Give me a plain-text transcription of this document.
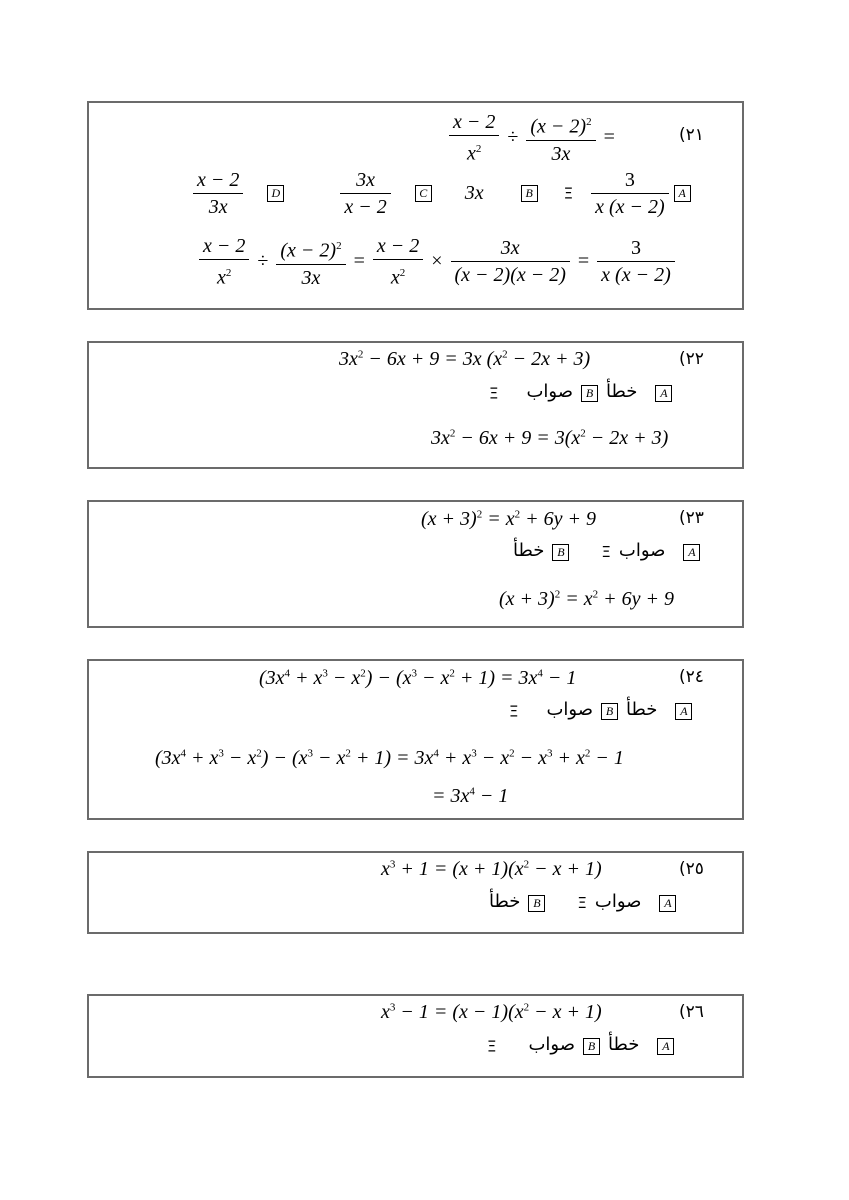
(٢١
$\frac{x - 2}{x^2} \div \frac{(x - 2)^2}{3x}$ =
$\frac{x - 2}{3x}$ D	$\frac{3x}{x - 2}$ C 3x	B Ξ $\frac{3}{x (x - 2)}$ A
$\frac{x - 2}{x^2} \div \frac{(x - 2)^2}{3x} = \frac{x - 2}{x^2} \times \frac{3x}{(x - 2)(x - 2)} = \frac{3}{x (x - 2)}$
(٢٢
$3x^2 - 6x + 9 = 3x$ $(x^2 - 2x + 3)$
Ξ	خطأ B صواب	A
$3x^2 - 6x + 9 = 3(x^2 - 2x + 3)$
(٢٣
$(x + 3)^2 = x^2 + 6y + 9$
خطأ B Ξ صواب A
$(x + 3)^2 = x^2 + 6y + 9$
(٢٤
$(3x^4 + x^3 - x^2) - (x^3 - x^2 + 1) = 3x^4 - 1$
Ξ	خطأ B صواب	A
$(3x^4 + x^3 - x^2) - (x^3 - x^2 + 1) = 3x^4 + x^3 - x^2 - x^3 + x^2 - 1$
= $3x^4 - 1$
(٢٥
$x^3 + 1 = (x + 1)(x^2 - x + 1)$
خطأ B Ξ صواب A
(٢٦
$x^3 - 1 = (x - 1)(x^2 - x + 1)$
Ξ	خطأ B صواب	A
